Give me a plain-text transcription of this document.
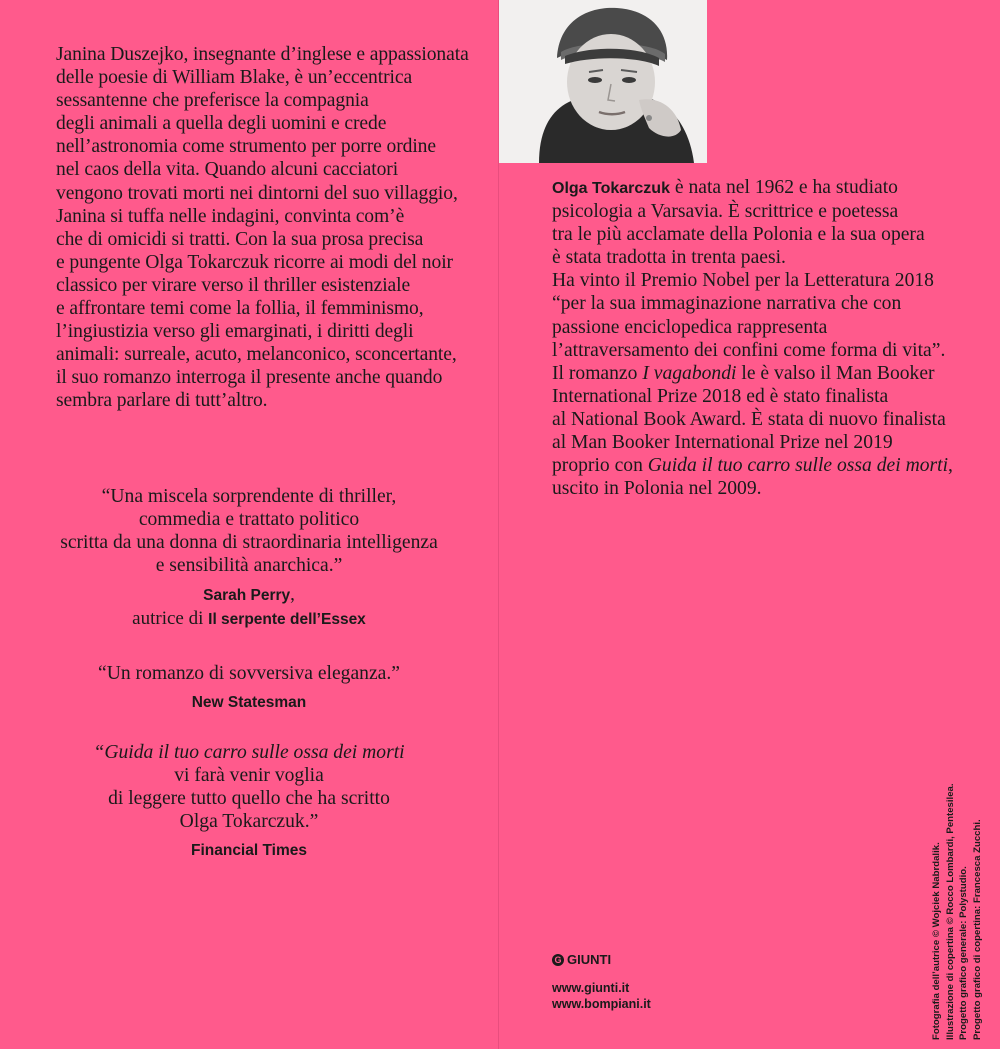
Janina Duszejko, insegnante d’inglese e appassionata
delle poesie di William Blake, è un’eccentrica
sessantenne che preferisce la compagnia
degli animali a quella degli uomini e crede
nell’astronomia come strumento per porre ordine
nel caos della vita. Quando alcuni cacciatori
vengono trovati morti nei dintorni del suo villaggio,
Janina si tuffa nelle indagini, convinta com’è
che di omicidi si tratti. Con la sua prosa precisa
e pungente Olga Tokarczuk ricorre ai modi del noir
classico per virare verso il thriller esistenziale
e affrontare temi come la follia, il femminismo,
l’ingiustizia verso gli emarginati, i diritti degli
animali: surreale, acuto, melanconico, sconcertante,
il suo romanzo interroga il presente anche quando
sembra parlare di tutt’altro.

“Una miscela sorprendente di thriller,
commedia e trattato politico
scritta da una donna di straordinaria intelligenza
e sensibilità anarchica.”
Sarah Perry,
autrice di Il serpente dell’Essex
“Un romanzo di sovversiva eleganza.”
New Statesman
“Guida il tuo carro sulle ossa dei morti
vi farà venir voglia
di leggere tutto quello che ha scritto
Olga Tokarczuk.”
Financial Times

Olga Tokarczuk è nata nel 1962 e ha studiato
psicologia a Varsavia. È scrittrice e poetessa
tra le più acclamate della Polonia e la sua opera
è stata tradotta in trenta paesi.

Ha vinto il Premio Nobel per la Letteratura 2018
“per la sua immaginazione narrativa che con
passione enciclopedica rappresenta
l’attraversamento dei confini come forma di vita”.

Il romanzo I vagabondi le è valso il Man Booker
International Prize 2018 ed è stato finalista
al National Book Award. È stata di nuovo finalista
al Man Booker International Prize nel 2019
proprio con Guida il tuo carro sulle ossa dei morti,
uscito in Polonia nel 2009.

G GIUNTI
www.giunti.it
www.bompiani.it	Fotografia dell’autrice © Wojciek Nabrdalik. Illustrazione di copertina © Rocco Lombardi, Pentesilea. Progetto grafico generale: Polystudio. Progetto grafico di copertina: Francesca Zucchi.
